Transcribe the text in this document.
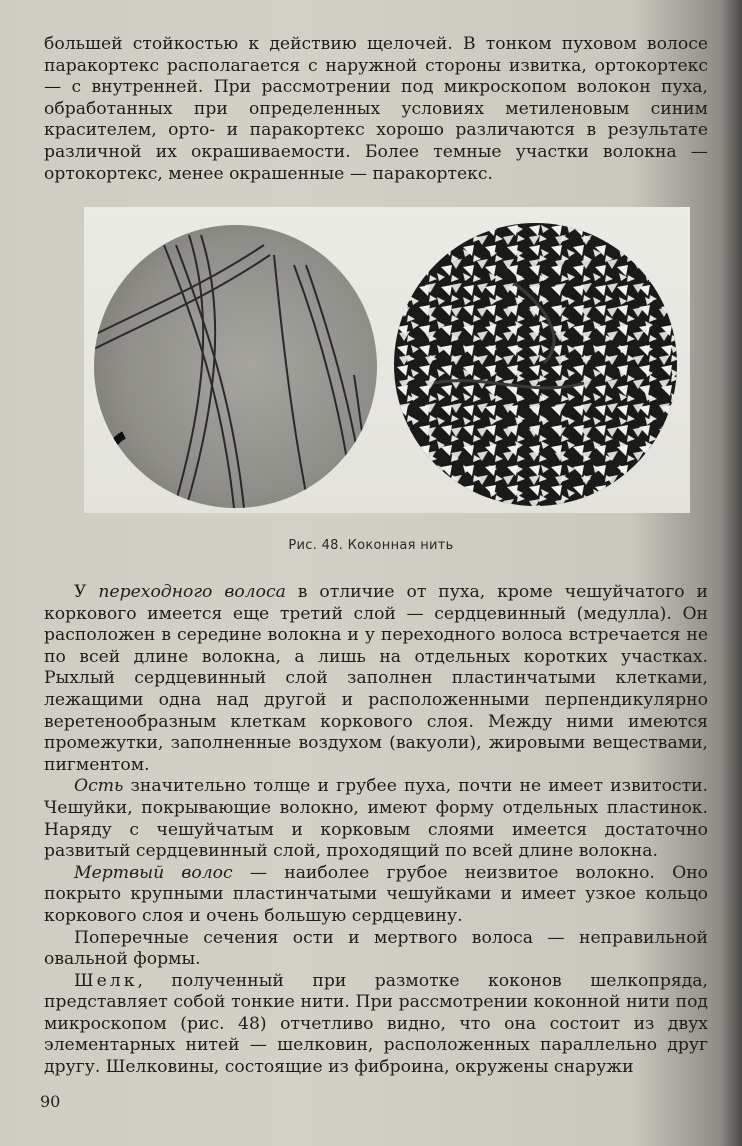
большей стойкостью к действию щелочей. В тонком пуховом волосе паракортекс располагается с наружной стороны извитка, ортокортекс — с внутренней. При рассмотрении под микроскопом волокон пуха, обработанных при определенных условиях метиленовым синим красителем, орто- и паракортекс хорошо различаются в результате различной их окрашиваемости. Более темные участки волокна — ортокортекс, менее окрашенные — паракортекс.

Рис. 48. Коконная нить

У переходного волоса в отличие от пуха, кроме чешуйчатого и коркового имеется еще третий слой — сердцевинный (медулла). Он расположен в середине волокна и у переходного волоса встречается не по всей длине волокна, а лишь на отдельных коротких участках. Рыхлый сердцевинный слой заполнен пластинчатыми клетками, лежащими одна над другой и расположенными перпендикулярно веретенообразным клеткам коркового слоя. Между ними имеются промежутки, заполненные воздухом (вакуоли), жировыми веществами, пигментом.

Ость значительно толще и грубее пуха, почти не имеет извитости. Чешуйки, покрывающие волокно, имеют форму отдельных пластинок. Наряду с чешуйчатым и корковым слоями имеется достаточно развитый сердцевинный слой, проходящий по всей длине волокна.

Мертвый волос — наиболее грубое неизвитое волокно. Оно покрыто крупными пластинчатыми чешуйками и имеет узкое кольцо коркового слоя и очень большую сердцевину.

Поперечные сечения ости и мертвого волоса — неправильной овальной формы.

Шелк, полученный при размотке коконов шелкопряда, представляет собой тонкие нити. При рассмотрении коконной нити под микроскопом (рис. 48) отчетливо видно, что она состоит из двух элементарных нитей — шелковин, расположенных параллельно друг другу. Шелковины, состоящие из фиброина, окружены снаружи

90
